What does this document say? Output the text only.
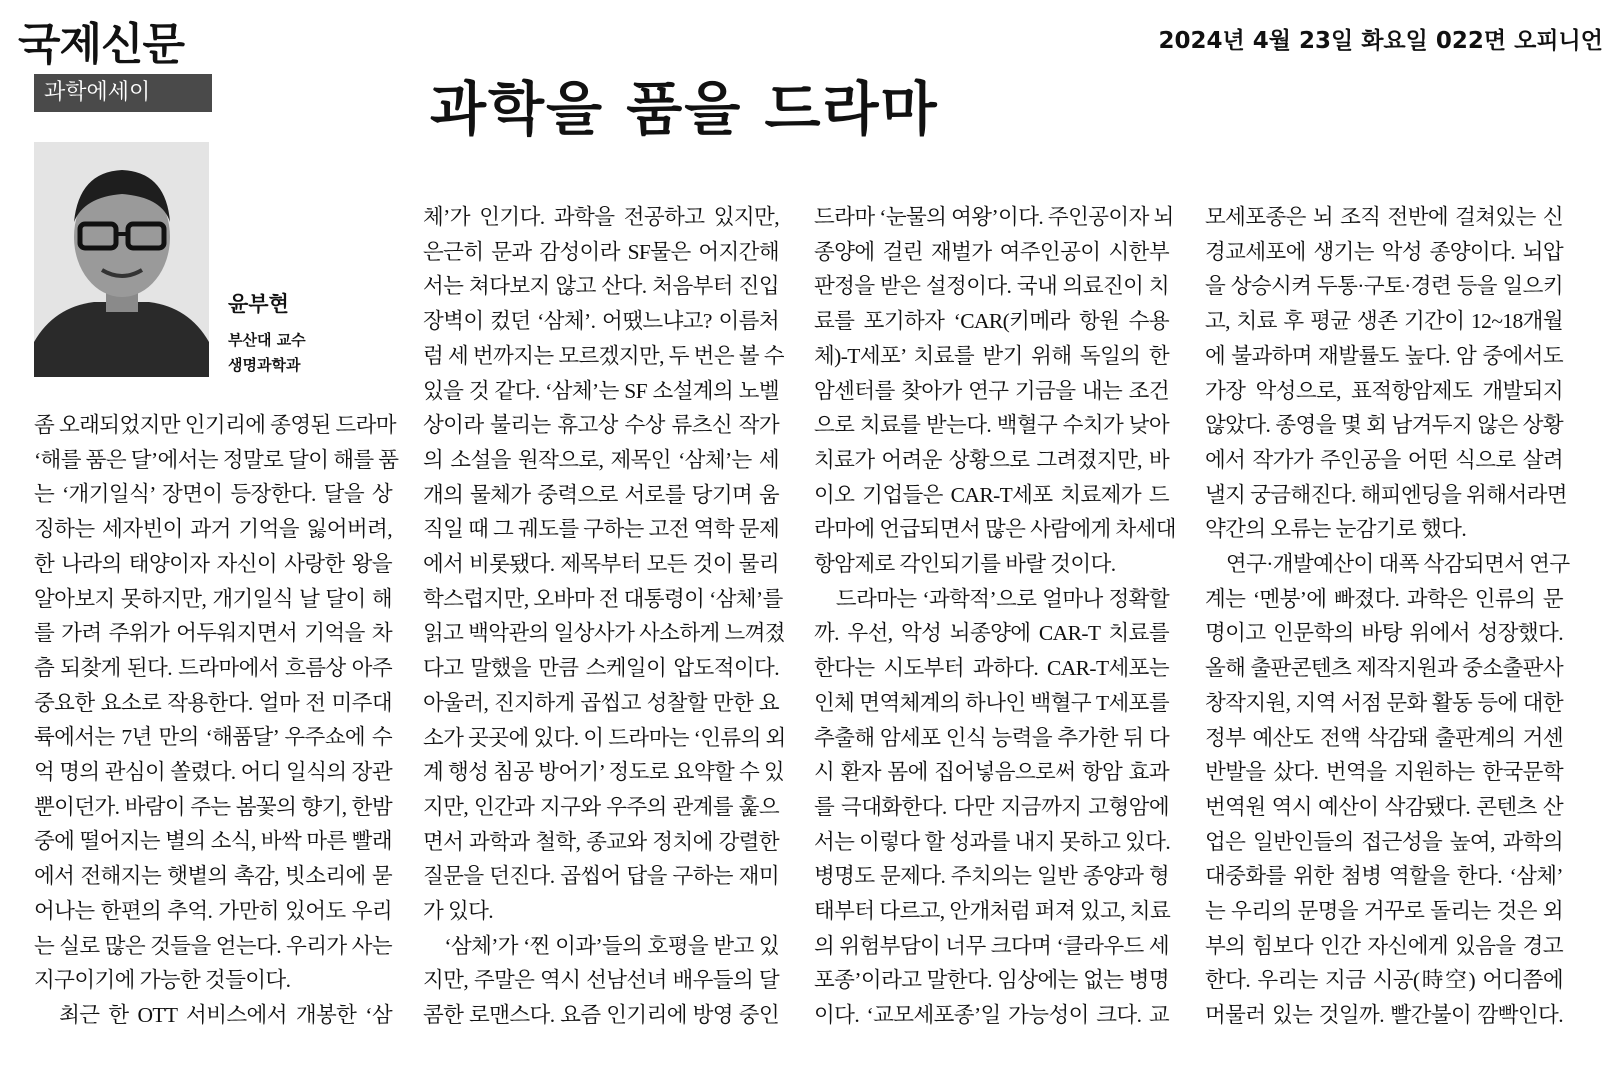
국제신문	2024년 4월 23일 화요일 022면 오피니언
과학에세이	과학을 품을 드라마
윤부현
부산대 교수
생명과학과
좀 오래되었지만 인기리에 종영된 드라마
‘해를 품은 달’에서는 정말로 달이 해를 품
는 ‘개기일식’ 장면이 등장한다. 달을 상
징하는 세자빈이 과거 기억을 잃어버려,
한 나라의 태양이자 자신이 사랑한 왕을
알아보지 못하지만, 개기일식 날 달이 해
를 가려 주위가 어두워지면서 기억을 차
츰 되찾게 된다. 드라마에서 흐름상 아주
중요한 요소로 작용한다. 얼마 전 미주대
륙에서는 7년 만의 ‘해품달’ 우주쇼에 수
억 명의 관심이 쏠렸다. 어디 일식의 장관
뿐이던가. 바람이 주는 봄꽃의 향기, 한밤
중에 떨어지는 별의 소식, 바싹 마른 빨래
에서 전해지는 햇볕의 촉감, 빗소리에 묻
어나는 한편의 추억. 가만히 있어도 우리
는 실로 많은 것들을 얻는다. 우리가 사는
지구이기에 가능한 것들이다.
　최근 한 OTT 서비스에서 개봉한 ‘삼
체’가 인기다. 과학을 전공하고 있지만,
은근히 문과 감성이라 SF물은 어지간해
서는 쳐다보지 않고 산다. 처음부터 진입
장벽이 컸던 ‘삼체’. 어땠느냐고? 이름처
럼 세 번까지는 모르겠지만, 두 번은 볼 수
있을 것 같다. ‘삼체’는 SF 소설계의 노벨
상이라 불리는 휴고상 수상 류츠신 작가
의 소설을 원작으로, 제목인 ‘삼체’는 세
개의 물체가 중력으로 서로를 당기며 움
직일 때 그 궤도를 구하는 고전 역학 문제
에서 비롯됐다. 제목부터 모든 것이 물리
학스럽지만, 오바마 전 대통령이 ‘삼체’를
읽고 백악관의 일상사가 사소하게 느껴졌
다고 말했을 만큼 스케일이 압도적이다.
아울러, 진지하게 곱씹고 성찰할 만한 요
소가 곳곳에 있다. 이 드라마는 ‘인류의 외
계 행성 침공 방어기’ 정도로 요약할 수 있
지만, 인간과 지구와 우주의 관계를 훑으
면서 과학과 철학, 종교와 정치에 강렬한
질문을 던진다. 곱씹어 답을 구하는 재미
가 있다.
　‘삼체’가 ‘찐 이과’들의 호평을 받고 있
지만, 주말은 역시 선남선녀 배우들의 달
콤한 로맨스다. 요즘 인기리에 방영 중인
드라마 ‘눈물의 여왕’이다. 주인공이자 뇌
종양에 걸린 재벌가 여주인공이 시한부
판정을 받은 설정이다. 국내 의료진이 치
료를 포기하자 ‘CAR(키메라 항원 수용
체)-T세포’ 치료를 받기 위해 독일의 한
암센터를 찾아가 연구 기금을 내는 조건
으로 치료를 받는다. 백혈구 수치가 낮아
치료가 어려운 상황으로 그려졌지만, 바
이오 기업들은 CAR-T세포 치료제가 드
라마에 언급되면서 많은 사람에게 차세대
항암제로 각인되기를 바랄 것이다.
　드라마는 ‘과학적’으로 얼마나 정확할
까. 우선, 악성 뇌종양에 CAR-T 치료를
한다는 시도부터 과하다. CAR-T세포는
인체 면역체계의 하나인 백혈구 T세포를
추출해 암세포 인식 능력을 추가한 뒤 다
시 환자 몸에 집어넣음으로써 항암 효과
를 극대화한다. 다만 지금까지 고형암에
서는 이렇다 할 성과를 내지 못하고 있다.
병명도 문제다. 주치의는 일반 종양과 형
태부터 다르고, 안개처럼 퍼져 있고, 치료
의 위험부담이 너무 크다며 ‘클라우드 세
포종’이라고 말한다. 임상에는 없는 병명
이다. ‘교모세포종’일 가능성이 크다. 교
모세포종은 뇌 조직 전반에 걸쳐있는 신
경교세포에 생기는 악성 종양이다. 뇌압
을 상승시켜 두통·구토·경련 등을 일으키
고, 치료 후 평균 생존 기간이 12~18개월
에 불과하며 재발률도 높다. 암 중에서도
가장 악성으로, 표적항암제도 개발되지
않았다. 종영을 몇 회 남겨두지 않은 상황
에서 작가가 주인공을 어떤 식으로 살려
낼지 궁금해진다. 해피엔딩을 위해서라면
약간의 오류는 눈감기로 했다.
　연구·개발예산이 대폭 삭감되면서 연구
계는 ‘멘붕’에 빠졌다. 과학은 인류의 문
명이고 인문학의 바탕 위에서 성장했다.
올해 출판콘텐츠 제작지원과 중소출판사
창작지원, 지역 서점 문화 활동 등에 대한
정부 예산도 전액 삭감돼 출판계의 거센
반발을 샀다. 번역을 지원하는 한국문학
번역원 역시 예산이 삭감됐다. 콘텐츠 산
업은 일반인들의 접근성을 높여, 과학의
대중화를 위한 첨병 역할을 한다. ‘삼체’
는 우리의 문명을 거꾸로 돌리는 것은 외
부의 힘보다 인간 자신에게 있음을 경고
한다. 우리는 지금 시공(時空) 어디쯤에
머물러 있는 것일까. 빨간불이 깜빡인다.
